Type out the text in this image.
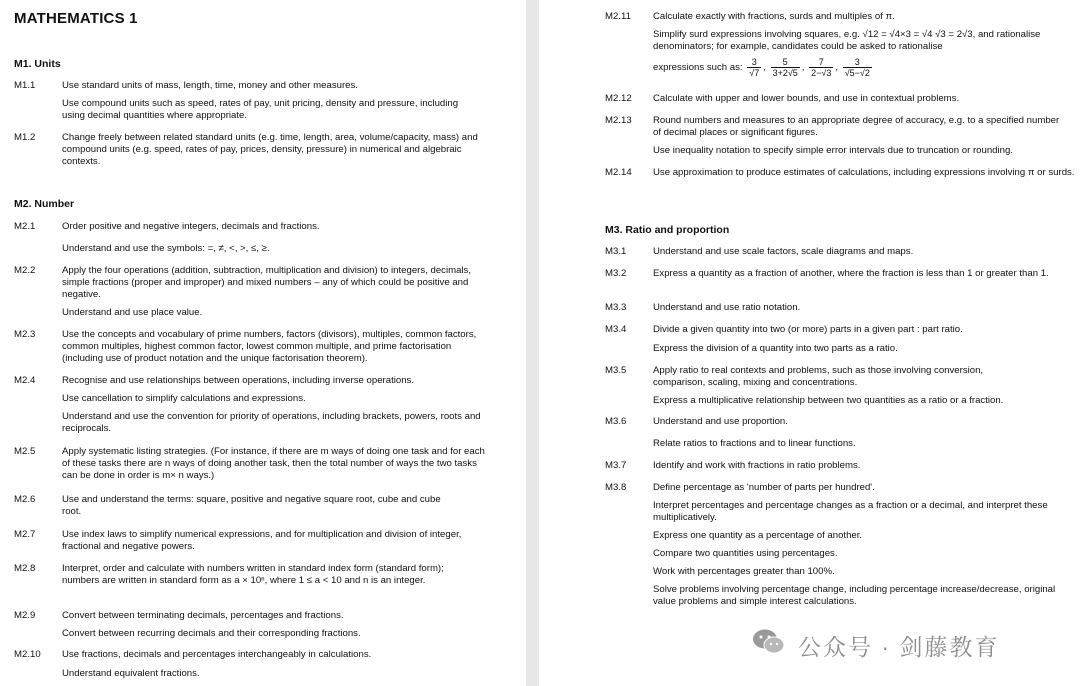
MATHEMATICS 1
M1. Units
M1.1	Use standard units of mass, length, time, money and other measures.
Use compound units such as speed, rates of pay, unit pricing, density and pressure, including using decimal quantities where appropriate.
M1.2	Change freely between related standard units (e.g. time, length, area, volume/capacity, mass) and compound units (e.g. speed, rates of pay, prices, density, pressure) in numerical and algebraic contexts.
M2. Number
M2.1	Order positive and negative integers, decimals and fractions.
Understand and use the symbols: =, ≠, <, >, ≤, ≥.
M2.2	Apply the four operations (addition, subtraction, multiplication and division) to integers, decimals, simple fractions (proper and improper) and mixed numbers – any of which could be positive and negative.
Understand and use place value.
M2.3	Use the concepts and vocabulary of prime numbers, factors (divisors), multiples, common factors, common multiples, highest common factor, lowest common multiple, and prime factorisation (including use of product notation and the unique factorisation theorem).
M2.4	Recognise and use relationships between operations, including inverse operations.
Use cancellation to simplify calculations and expressions.
Understand and use the convention for priority of operations, including brackets, powers, roots and reciprocals.
M2.5	Apply systematic listing strategies. (For instance, if there are m ways of doing one task and for each of these tasks there are n ways of doing another task, then the total number of ways the two tasks can be done in order is m× n ways.)
M2.6	Use and understand the terms: square, positive and negative square root, cube and cube root.
M2.7	Use index laws to simplify numerical expressions, and for multiplication and division of integer, fractional and negative powers.
M2.8	Interpret, order and calculate with numbers written in standard index form (standard form); numbers are written in standard form as a × 10ⁿ, where 1 ≤ a < 10 and n is an integer.
M2.9	Convert between terminating decimals, percentages and fractions.
Convert between recurring decimals and their corresponding fractions.
M2.10 Use fractions, decimals and percentages interchangeably in calculations.
Understand equivalent fractions.
M2.11 Calculate exactly with fractions, surds and multiples of π.
Simplify surd expressions involving squares, e.g. √12 = √4×3 = √4 √3 = 2√3, and rationalise denominators; for example, candidates could be asked to rationalise
expressions such as: $\frac{3}{√7}$ , $\frac{5}{3+2√5}$ , $\frac{7}{2-√3}$ , $\frac{3}{√5-√2}$
M2.12 Calculate with upper and lower bounds, and use in contextual problems.
M2.13 Round numbers and measures to an appropriate degree of accuracy, e.g. to a specified number of decimal places or significant figures.
Use inequality notation to specify simple error intervals due to truncation or rounding.
M2.14 Use approximation to produce estimates of calculations, including expressions involving π or surds.
M3. Ratio and proportion
M3.1	Understand and use scale factors, scale diagrams and maps.
M3.2	Express a quantity as a fraction of another, where the fraction is less than 1 or greater than 1.
M3.3	Understand and use ratio notation.
M3.4	Divide a given quantity into two (or more) parts in a given part : part ratio.
Express the division of a quantity into two parts as a ratio.
M3.5	Apply ratio to real contexts and problems, such as those involving conversion, comparison, scaling, mixing and concentrations.
Express a multiplicative relationship between two quantities as a ratio or a fraction.
M3.6	Understand and use proportion.
Relate ratios to fractions and to linear functions.
M3.7	Identify and work with fractions in ratio problems.
M3.8	Define percentage as 'number of parts per hundred'.
Interpret percentages and percentage changes as a fraction or a decimal, and interpret these multiplicatively.
Express one quantity as a percentage of another.
Compare two quantities using percentages.
Work with percentages greater than 100%.
Solve problems involving percentage change, including percentage increase/decrease, original value problems and simple interest calculations.
公众号 · 剑藤教育
